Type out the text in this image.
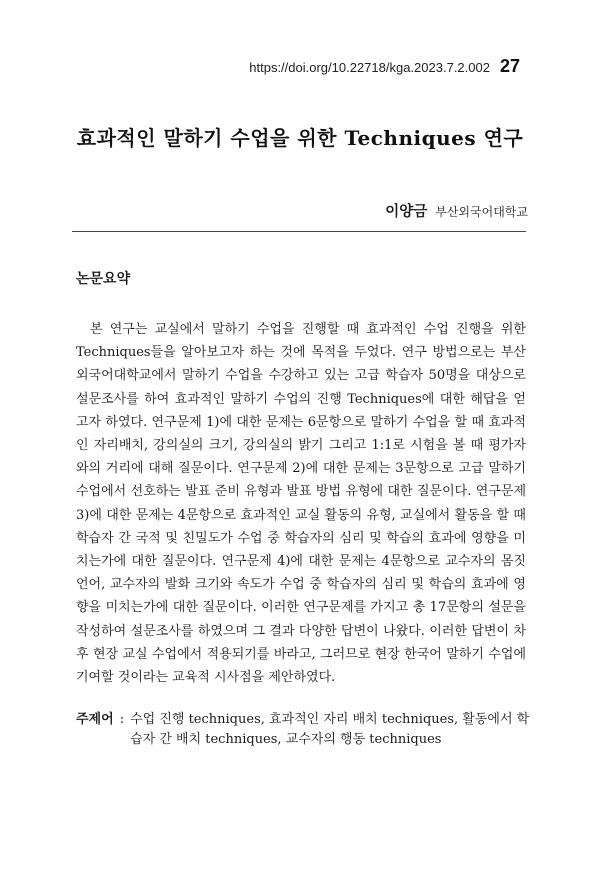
https://doi.org/10.22718/kga.2023.7.2.002 27
효과적인 말하기 수업을 위한 Techniques 연구
이양금 부산외국어대학교
논문요약
본 연구는 교실에서 말하기 수업을 진행할 때 효과적인 수업 진행을 위한 Techniques들을 알아보고자 하는 것에 목적을 두었다. 연구 방법으로는 부산외국어대학교에서 말하기 수업을 수강하고 있는 고급 학습자 50명을 대상으로 설문조사를 하여 효과적인 말하기 수업의 진행 Techniques에 대한 해답을 얻고자 하였다. 연구문제 1)에 대한 문제는 6문항으로 말하기 수업을 할 때 효과적인 자리배치, 강의실의 크기, 강의실의 밝기 그리고 1:1로 시험을 볼 때 평가자와의 거리에 대해 질문이다. 연구문제 2)에 대한 문제는 3문항으로 고급 말하기 수업에서 선호하는 발표 준비 유형과 발표 방법 유형에 대한 질문이다. 연구문제 3)에 대한 문제는 4문항으로 효과적인 교실 활동의 유형, 교실에서 활동을 할 때 학습자 간 국적 및 친밀도가 수업 중 학습자의 심리 및 학습의 효과에 영향을 미치는가에 대한 질문이다. 연구문제 4)에 대한 문제는 4문항으로 교수자의 몸짓언어, 교수자의 발화 크기와 속도가 수업 중 학습자의 심리 및 학습의 효과에 영향을 미치는가에 대한 질문이다. 이러한 연구문제를 가지고 총 17문항의 설문을 작성하여 설문조사를 하였으며 그 결과 다양한 답변이 나왔다. 이러한 답변이 차후 현장 교실 수업에서 적용되기를 바라고, 그러므로 현장 한국어 말하기 수업에 기여할 것이라는 교육적 시사점을 제안하였다.
주제어 : 수업 진행 techniques, 효과적인 자리 배치 techniques, 활동에서 학습자 간 배치 techniques, 교수자의 행동 techniques
